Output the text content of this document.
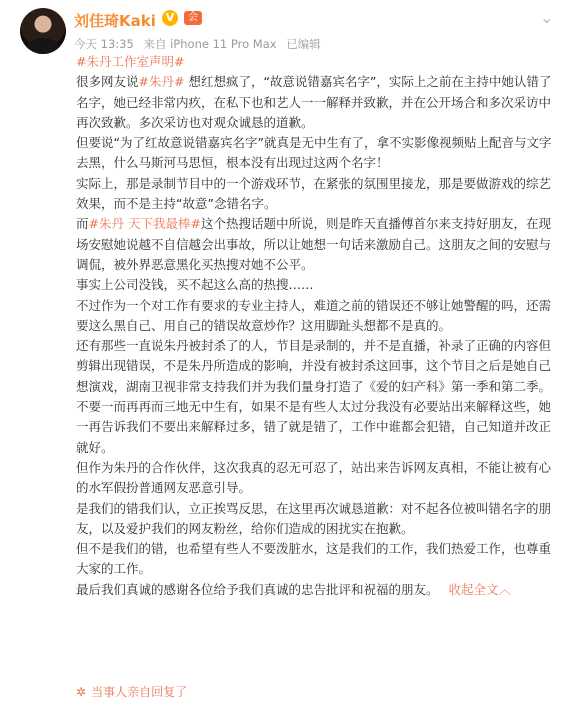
刘佳琦Kaki V	会
今天 13:35 来自 iPhone 11 Pro Max 已编辑
⌄

#朱丹工作室声明#

很多网友说#朱丹# 想红想疯了，“故意说错嘉宾名字”，实际上之前在主持中她认错了名字，她已经非常内疚，在私下也和艺人一一解释并致歉，并在公开场合和多次采访中再次致歉。多次采访也对观众诚恳的道歉。

但要说“为了红故意说错嘉宾名字”就真是无中生有了，拿不实影像视频贴上配音与文字去黑，什么马斯河马思恒，根本没有出现过这两个名字！

实际上，那是录制节目中的一个游戏环节，在紧张的氛围里接龙，那是要做游戏的综艺效果，而不是主持“故意”念错名字。

而#朱丹 天下我最棒#这个热搜话题中所说，则是昨天直播傅首尔来支持好朋友，在现场安慰她说越不自信越会出事故，所以让她想一句话来激励自己。这朋友之间的安慰与调侃，被外界恶意黑化买热搜对她不公平。

事实上公司没钱，买不起这么高的热搜……

不过作为一个对工作有要求的专业主持人，难道之前的错误还不够让她警醒的吗，还需要这么黑自己、用自己的错误故意炒作？这用脚趾头想都不是真的。

还有那些一直说朱丹被封杀了的人，节目是录制的，并不是直播，补录了正确的内容但剪辑出现错误，不是朱丹所造成的影响，并没有被封杀这回事，这个节目之后是她自己想演戏，湖南卫视非常支持我们并为我们量身打造了《爱的妇产科》第一季和第二季。

不要一而再再而三地无中生有，如果不是有些人太过分我没有必要站出来解释这些，她一再告诉我们不要出来解释过多，错了就是错了，工作中谁都会犯错，自己知道并改正就好。

但作为朱丹的合作伙伴，这次我真的忍无可忍了，站出来告诉网友真相，不能让被有心的水军假扮普通网友恶意引导。

是我们的错我们认，立正挨骂反思，在这里再次诚恳道歉：对不起各位被叫错名字的朋友，以及爱护我们的网友粉丝，给你们造成的困扰实在抱歉。

但不是我们的错，也希望有些人不要泼脏水，这是我们的工作，我们热爱工作，也尊重大家的工作。

最后我们真诚的感谢各位给予我们真诚的忠告批评和祝福的朋友。 收起全文︿

✲ 当事人亲自回复了
